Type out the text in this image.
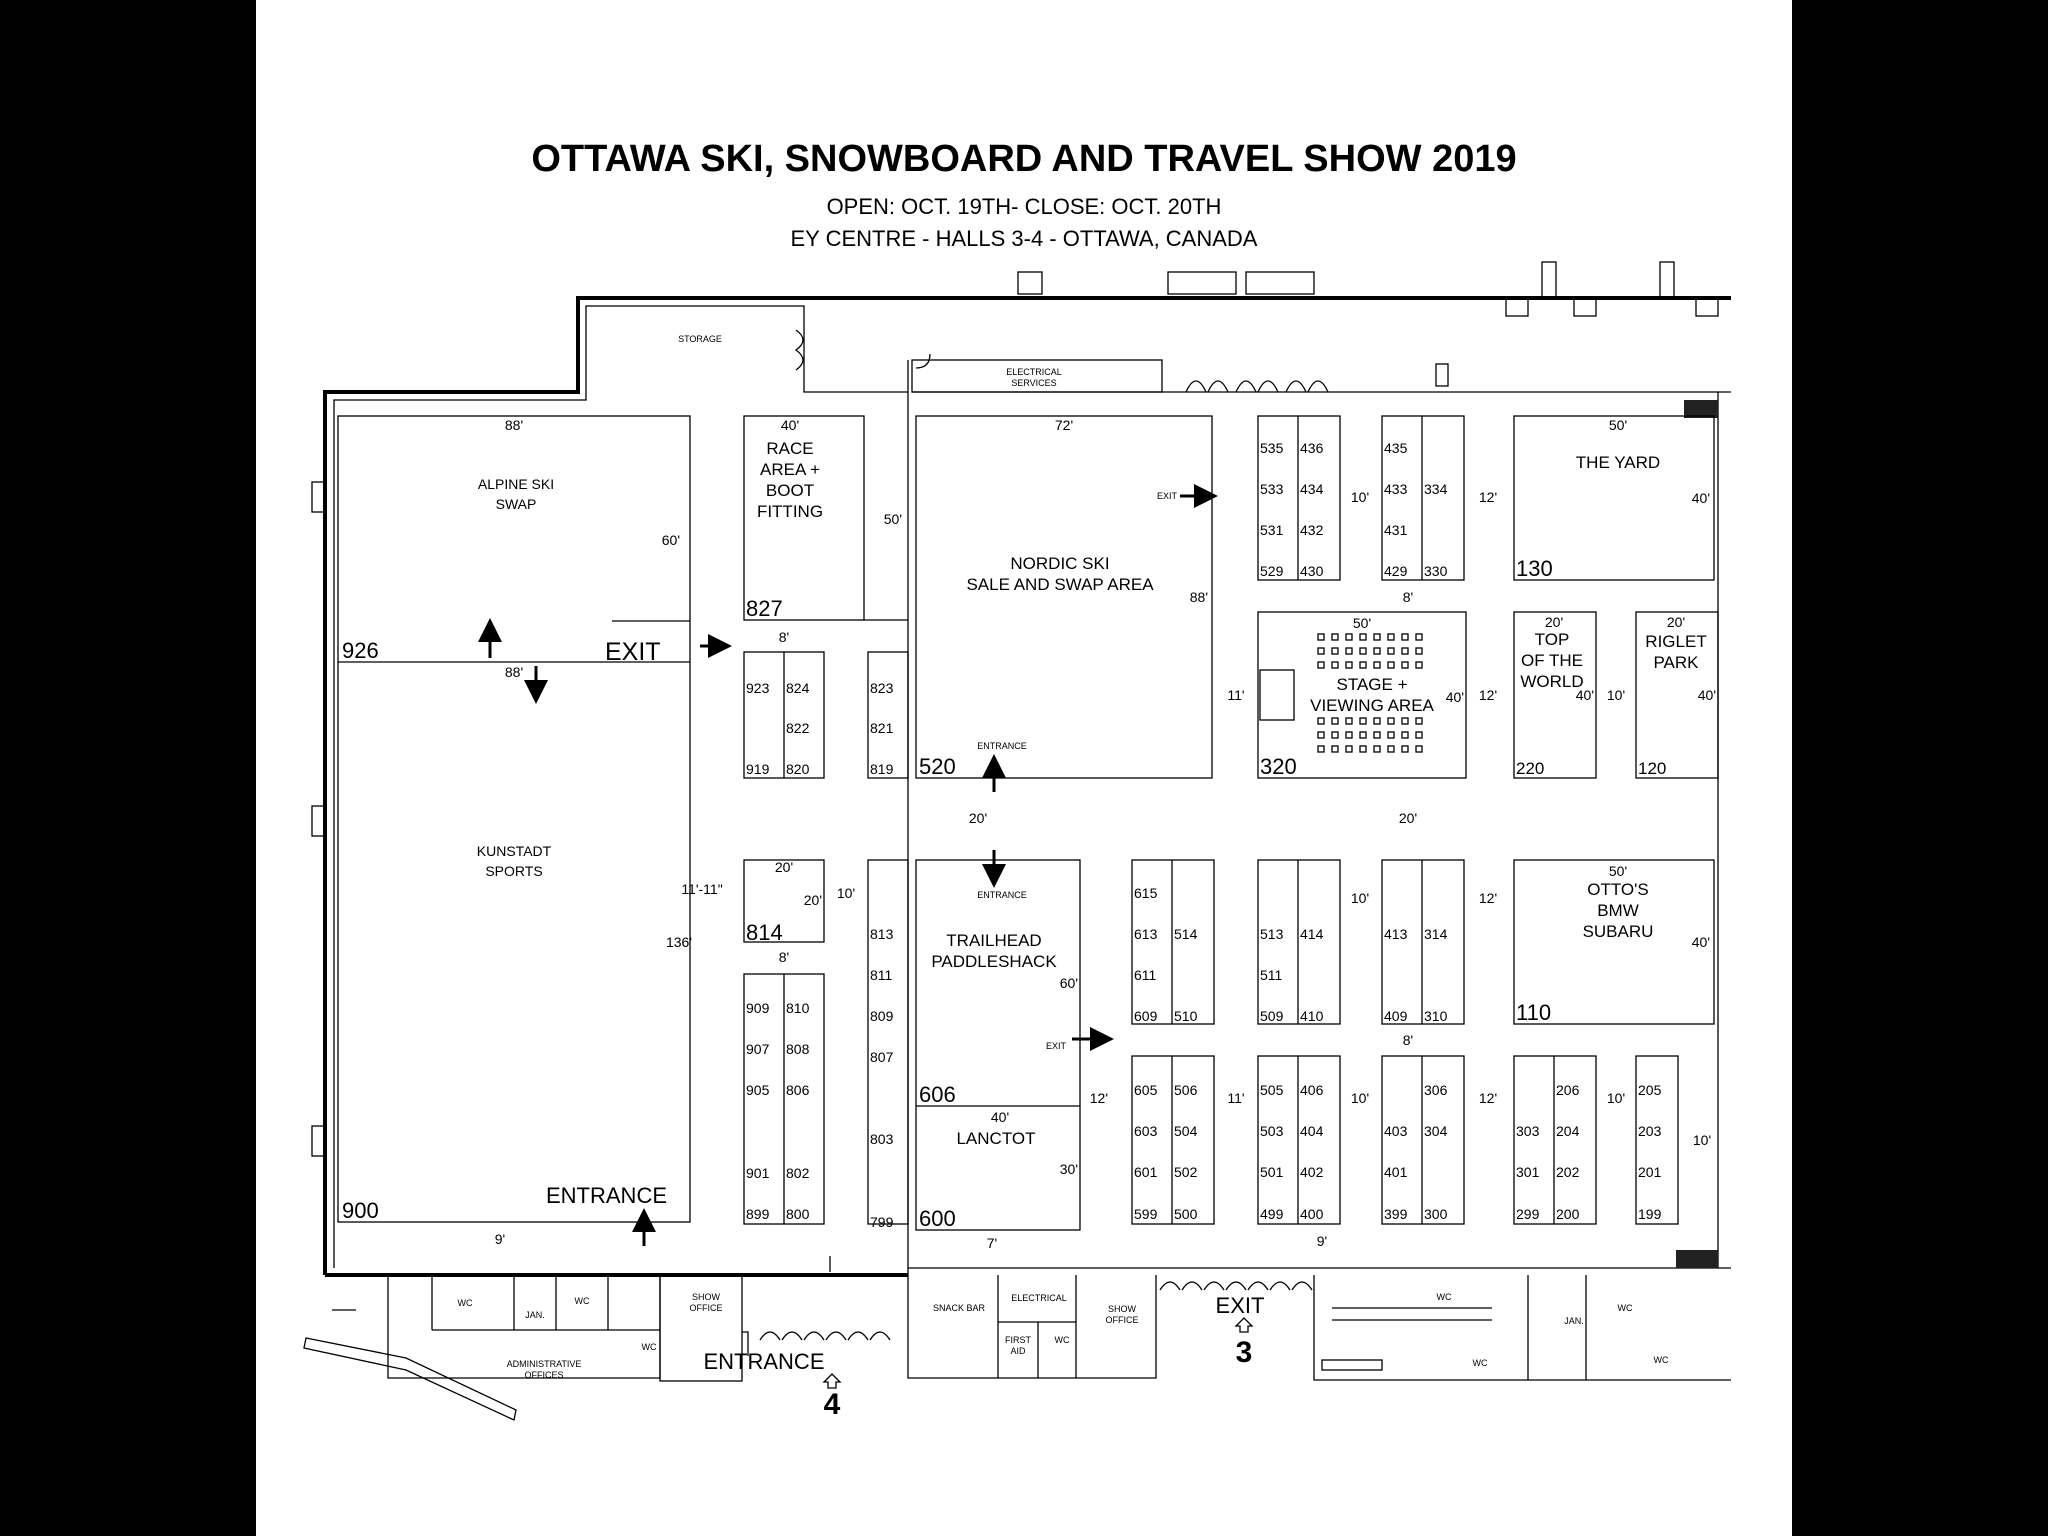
OTTAWA SKI, SNOWBOARD AND TRAVEL SHOW 2019
OPEN: OCT. 19TH- CLOSE: OCT. 20TH
EY CENTRE - HALLS 3-4 - OTTAWA, CANADA
STORAGE
ELECTRICAL
SERVICES
ALPINE SKI
SWAP
KUNSTADT
SPORTS
88'
88'
60'
136'
9'
926
900
EXIT
ENTRANCE
11'-11"
40'
RACE
AREA +
BOOT
FITTING	50'
827
8'
8'
20'
20' 10'
814
923 824
822
919 820
823
821
819
909 810
907 808
905 806
901 802
899 800
813
811
809
807
803
799
72'
NORDIC SKI
SALE AND SWAP AREA
88'
EXIT
ENTRANCE
520
20'	20'
ENTRANCE
TRAILHEAD
PADDLESHACK
60'
EXIT
606
40'
LANCTOT
30'
600
7'
535 436
533 434
531 432
529 430
435
433 334
431
429 330
10'	12'
8'
50'
THE YARD
40'
130
50'
11'
STAGE +
VIEWING AREA 40'
320
12'
20'
TOP
OF THE
WORLD
40' 10'
220
20'
RIGLET
PARK
40'
120
615
613 514
611
609 510
513 414
511
509 410
413 314
409 310
605 506
603 504
601 502
599 500
505 406
503 404
501 402
499 400
306
403 304
401
399 300
206
303 204
301 202
299 200
205
203
201
199
10'	12'
8'
12'	11'	10'	12'	10'
10'
9'
50'
OTTO'S
BMW
SUBARU
40'
110
WC
JAN.
WC
WC
SHOW
OFFICE
ADMINISTRATIVE
OFFICES
SNACK BAR
ELECTRICAL
FIRST
AID
WC
SHOW
OFFICE
WC
WC
WC
JAN.
WC
ENTRANCE
4
EXIT
3
